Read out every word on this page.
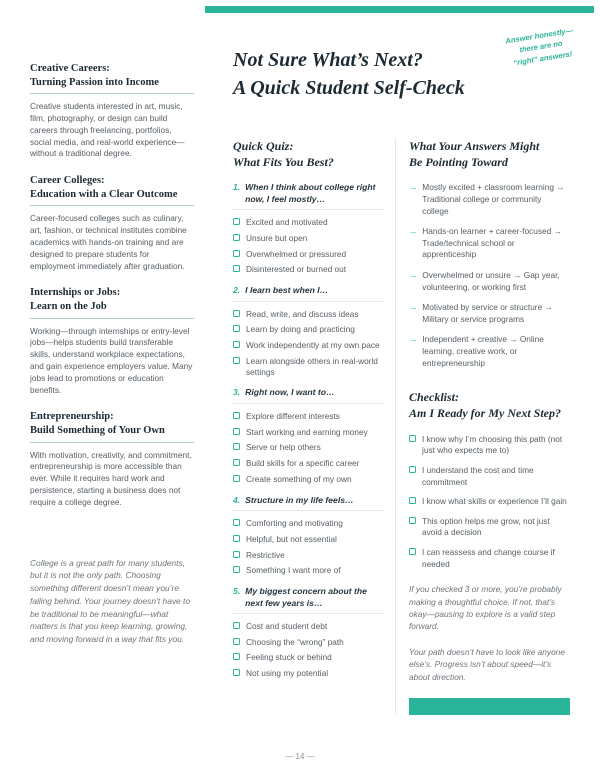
Creative Careers:
Turning Passion into Income

Creative students interested in art, music, film, photography, or design can build careers through freelancing, portfolios, social media, and real-world experience—without a traditional degree.

Career Colleges:
Education with a Clear Outcome

Career-focused colleges such as culinary, art, fashion, or technical institutes combine academics with hands-on training and are designed to prepare students for employment immediately after graduation.

Internships or Jobs:
Learn on the Job

Working—through internships or entry-level jobs—helps students build transferable skills, understand workplace expectations, and gain experience employers value. Many jobs lead to promotions or education benefits.

Entrepreneurship:
Build Something of Your Own

With motivation, creativity, and commitment, entrepreneurship is more accessible than ever. While it requires hard work and persistence, starting a business does not require a college degree.

College is a great path for many students, but it is not the only path. Choosing something different doesn’t mean you’re falling behind. Your journey doesn’t have to be traditional to be meaningful—what matters is that you keep learning, growing, and moving forward in a way that fits you.

Not Sure What’s Next?
A Quick Student Self-Check
Answer honestly—
there are no
“right” answers!
Quick Quiz:
What Fits You Best?
1. When I think about college right now, I feel mostly…
Excited and motivated
Unsure but open
Overwhelmed or pressured
Disinterested or burned out
2. I learn best when I…
Read, write, and discuss ideas
Learn by doing and practicing
Work independently at my own pace
Learn alongside others in real-world settings
3. Right now, I want to…
Explore different interests
Start working and earning money
Serve or help others
Build skills for a specific career
Create something of my own
4. Structure in my life feels…
Comforting and motivating
Helpful, but not essential
Restrictive
Something I want more of
5. My biggest concern about the next few years is…
Cost and student debt
Choosing the “wrong” path
Feeling stuck or behind
Not using my potential
What Your Answers Might
Be Pointing Toward
→ Mostly excited + classroom learning → Traditional college or community college
→ Hands-on learner + career-focused → Trade/technical school or apprenticeship
→ Overwhelmed or unsure → Gap year, volunteering, or working first
→ Motivated by service or structure → Military or service programs
→ Independent + creative → Online learning, creative work, or entrepreneurship
Checklist:
Am I Ready for My Next Step?
I know why I’m choosing this path (not just who expects me to)
I understand the cost and time commitment
I know what skills or experience I’ll gain
This option helps me grow, not just avoid a decision
I can reassess and change course if needed

If you checked 3 or more, you’re probably making a thoughtful choice. If not, that’s okay—pausing to explore is a valid step forward.

Your path doesn’t have to look like anyone else’s. Progress isn’t about speed—it’s about direction.

— 14 —
